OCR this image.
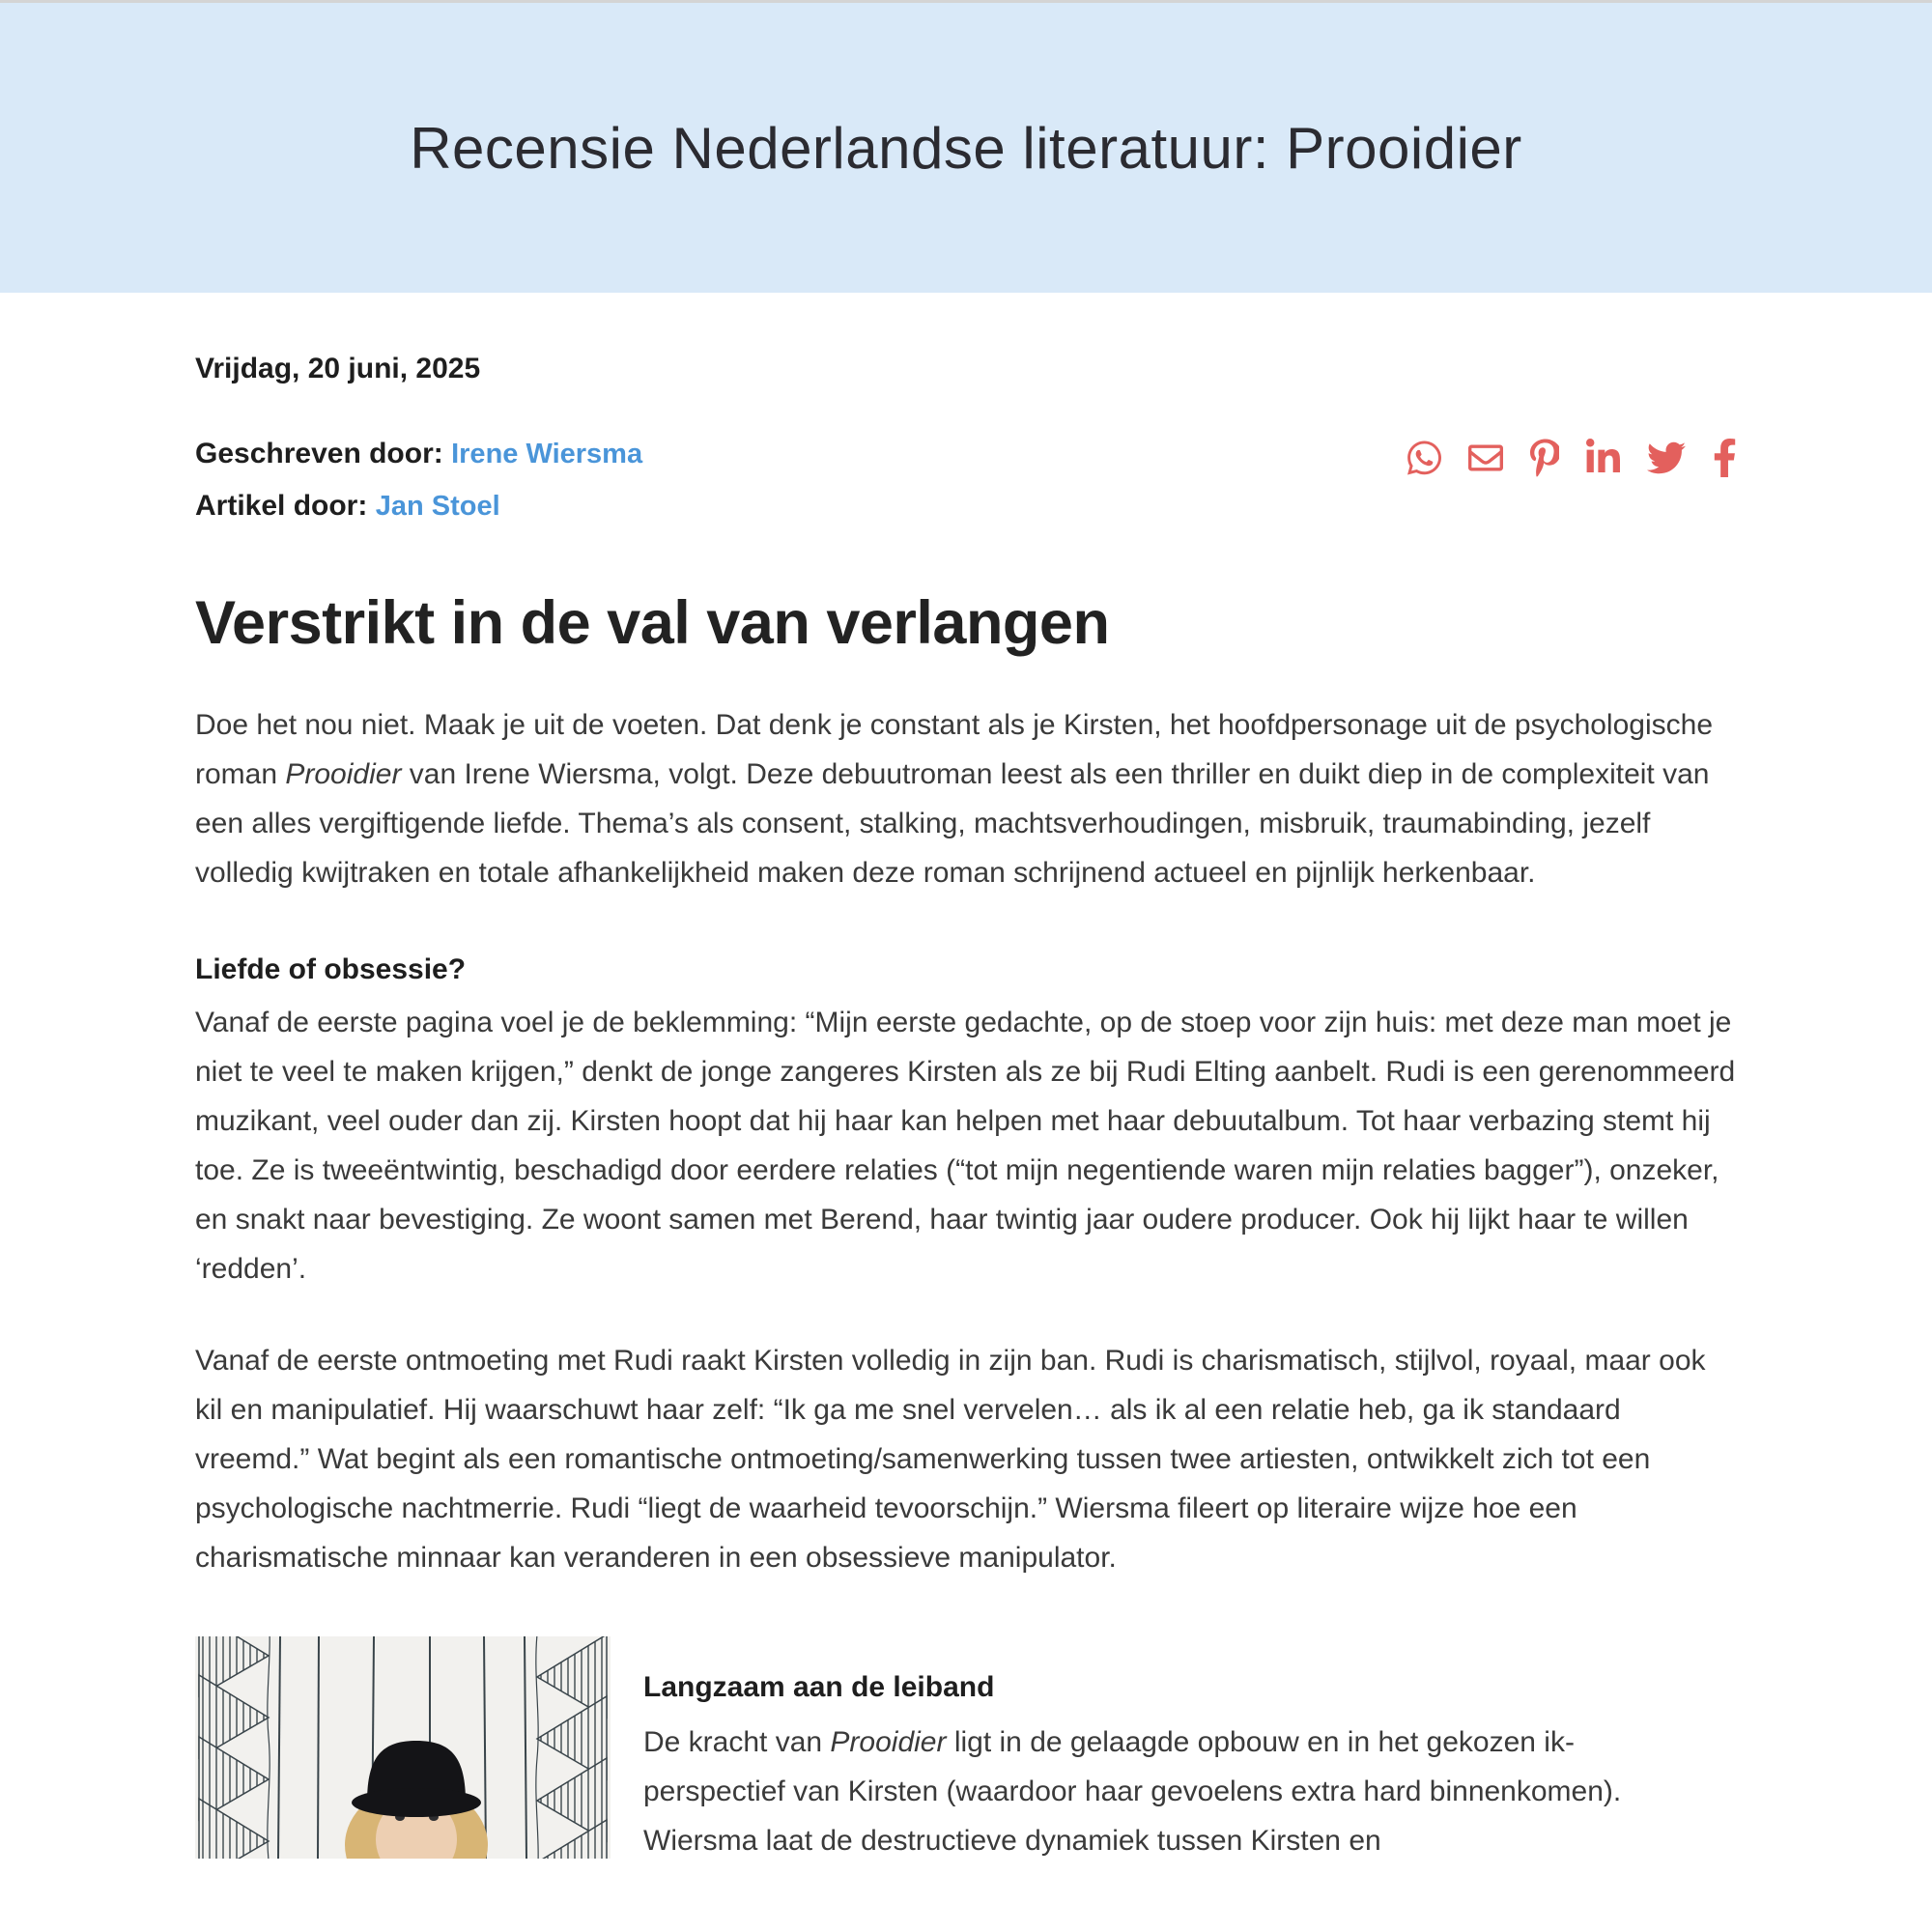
Recensie Nederlandse literatuur: Prooidier

Vrijdag, 20 juni, 2025

Geschreven door: Irene Wiersma

Artikel door: Jan Stoel

Verstrikt in de val van verlangen

Doe het nou niet. Maak je uit de voeten. Dat denk je constant als je Kirsten, het hoofdpersonage uit de psychologische roman Prooidier van Irene Wiersma, volgt. Deze debuutroman leest als een thriller en duikt diep in de complexiteit van een alles vergiftigende liefde. Thema’s als consent, stalking, machtsverhoudingen, misbruik, traumabinding, jezelf volledig kwijtraken en totale afhankelijkheid maken deze roman schrijnend actueel en pijnlijk herkenbaar.

Liefde of obsessie?

Vanaf de eerste pagina voel je de beklemming: “Mijn eerste gedachte, op de stoep voor zijn huis: met deze man moet je niet te veel te maken krijgen,” denkt de jonge zangeres Kirsten als ze bij Rudi Elting aanbelt. Rudi is een gerenommeerd muzikant, veel ouder dan zij. Kirsten hoopt dat hij haar kan helpen met haar debuutalbum. Tot haar verbazing stemt hij toe. Ze is tweeëntwintig, beschadigd door eerdere relaties (“tot mijn negentiende waren mijn relaties bagger”), onzeker, en snakt naar bevestiging. Ze woont samen met Berend, haar twintig jaar oudere producer. Ook hij lijkt haar te willen ‘redden’.

Vanaf de eerste ontmoeting met Rudi raakt Kirsten volledig in zijn ban. Rudi is charismatisch, stijlvol, royaal, maar ook kil en manipulatief. Hij waarschuwt haar zelf: “Ik ga me snel vervelen… als ik al een relatie heb, ga ik standaard vreemd.” Wat begint als een romantische ontmoeting/samenwerking tussen twee artiesten, ontwikkelt zich tot een psychologische nachtmerrie. Rudi “liegt de waarheid tevoorschijn.” Wiersma fileert op literaire wijze hoe een charismatische minnaar kan veranderen in een obsessieve manipulator.

Langzaam aan de leiband

De kracht van Prooidier ligt in de gelaagde opbouw en in het gekozen ik-perspectief van Kirsten (waardoor haar gevoelens extra hard binnenkomen). Wiersma laat de destructieve dynamiek tussen Kirsten en
